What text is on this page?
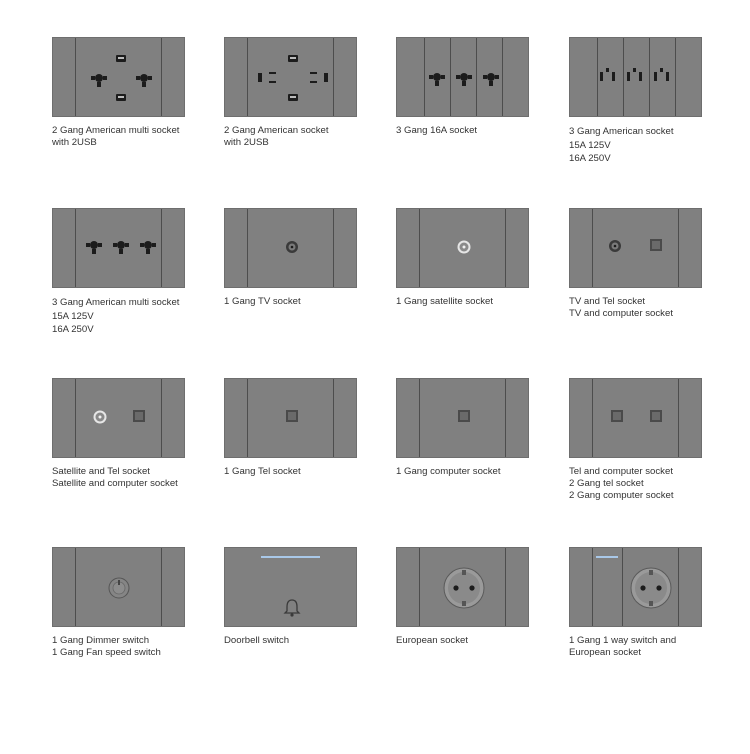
2 Gang American multi socket
with 2USB
2 Gang American socket
with 2USB
3 Gang 16A socket	3 Gang American socket
15A 125V
16A 250V
3 Gang American multi socket
15A 125V
16A 250V
1 Gang TV socket	1 Gang satellite socket	TV and Tel socket
TV and computer socket
Satellite and Tel socket
Satellite and computer socket
1 Gang Tel socket	1 Gang computer socket	Tel and computer socket
2 Gang tel socket
2 Gang computer socket
1 Gang Dimmer switch
1 Gang Fan speed switch
Doorbell switch	European socket	1 Gang 1 way switch and
European socket
